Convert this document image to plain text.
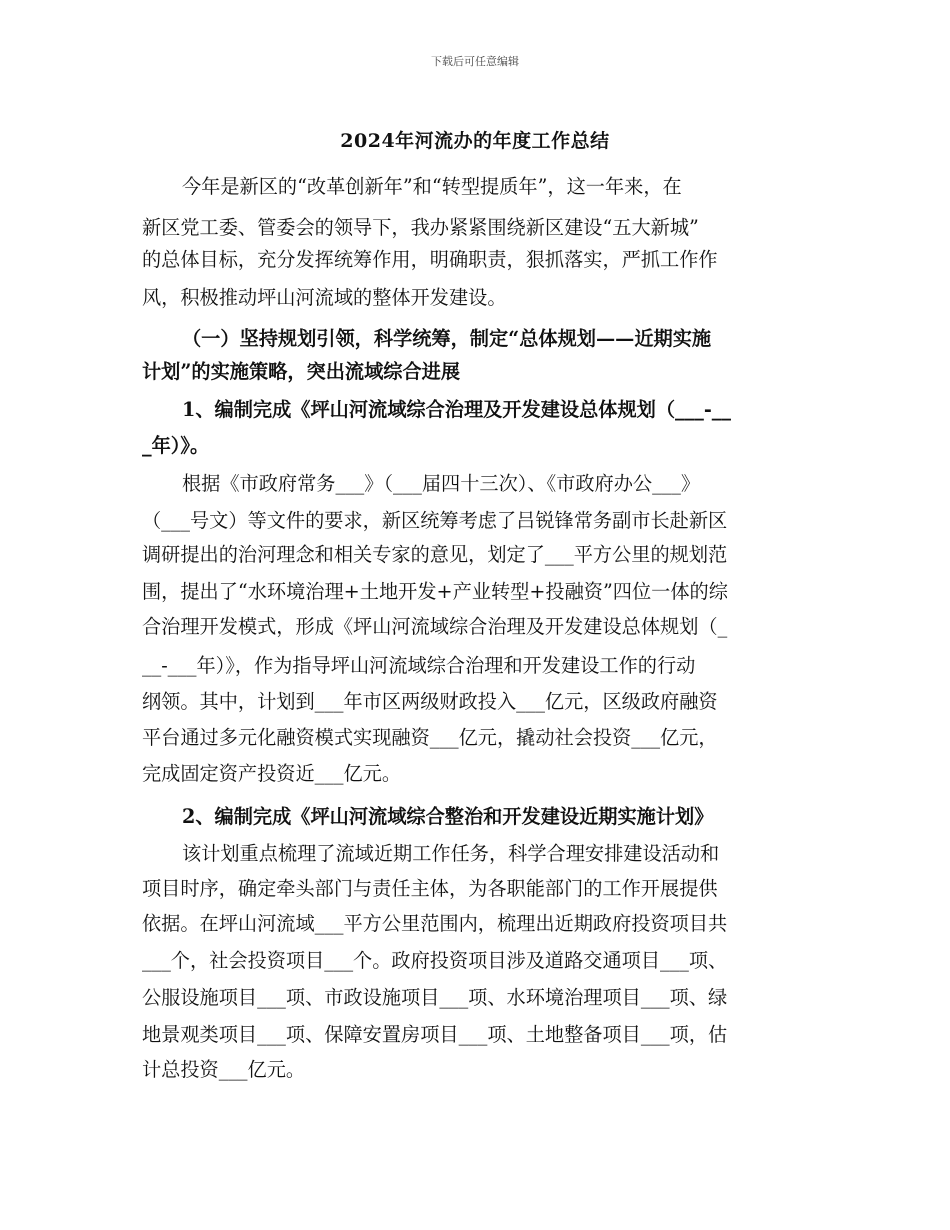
下载后可任意编辑
2024年河流办的年度工作总结
今年是新区的“改革创新年”和“转型提质年”，这一年来，在
新区党工委、管委会的领导下，我办紧紧围绕新区建设“五大新城”
的总体目标，充分发挥统筹作用，明确职责，狠抓落实，严抓工作作
风，积极推动坪山河流域的整体开发建设。
（一）坚持规划引领，科学统筹，制定“总体规划——近期实施
计划”的实施策略，突出流域综合进展
1、编制完成《坪山河流域综合治理及开发建设总体规划（___-__
_年）》。
根据《市政府常务___》（___届四十三次）、《市政府办公___》
（___号文）等文件的要求，新区统筹考虑了吕锐锋常务副市长赴新区
调研提出的治河理念和相关专家的意见，划定了___平方公里的规划范
围，提出了“水环境治理+土地开发+产业转型+投融资”四位一体的综
合治理开发模式，形成《坪山河流域综合治理及开发建设总体规划（_
__-___年）》，作为指导坪山河流域综合治理和开发建设工作的行动
纲领。其中，计划到___年市区两级财政投入___亿元，区级政府融资
平台通过多元化融资模式实现融资___亿元，撬动社会投资___亿元，
完成固定资产投资近___亿元。
2、编制完成《坪山河流域综合整治和开发建设近期实施计划》
该计划重点梳理了流域近期工作任务，科学合理安排建设活动和
项目时序，确定牵头部门与责任主体，为各职能部门的工作开展提供
依据。在坪山河流域___平方公里范围内，梳理出近期政府投资项目共
___个，社会投资项目___个。政府投资项目涉及道路交通项目___项、
公服设施项目___项、市政设施项目___项、水环境治理项目___项、绿
地景观类项目___项、保障安置房项目___项、土地整备项目___项，估
计总投资___亿元。
